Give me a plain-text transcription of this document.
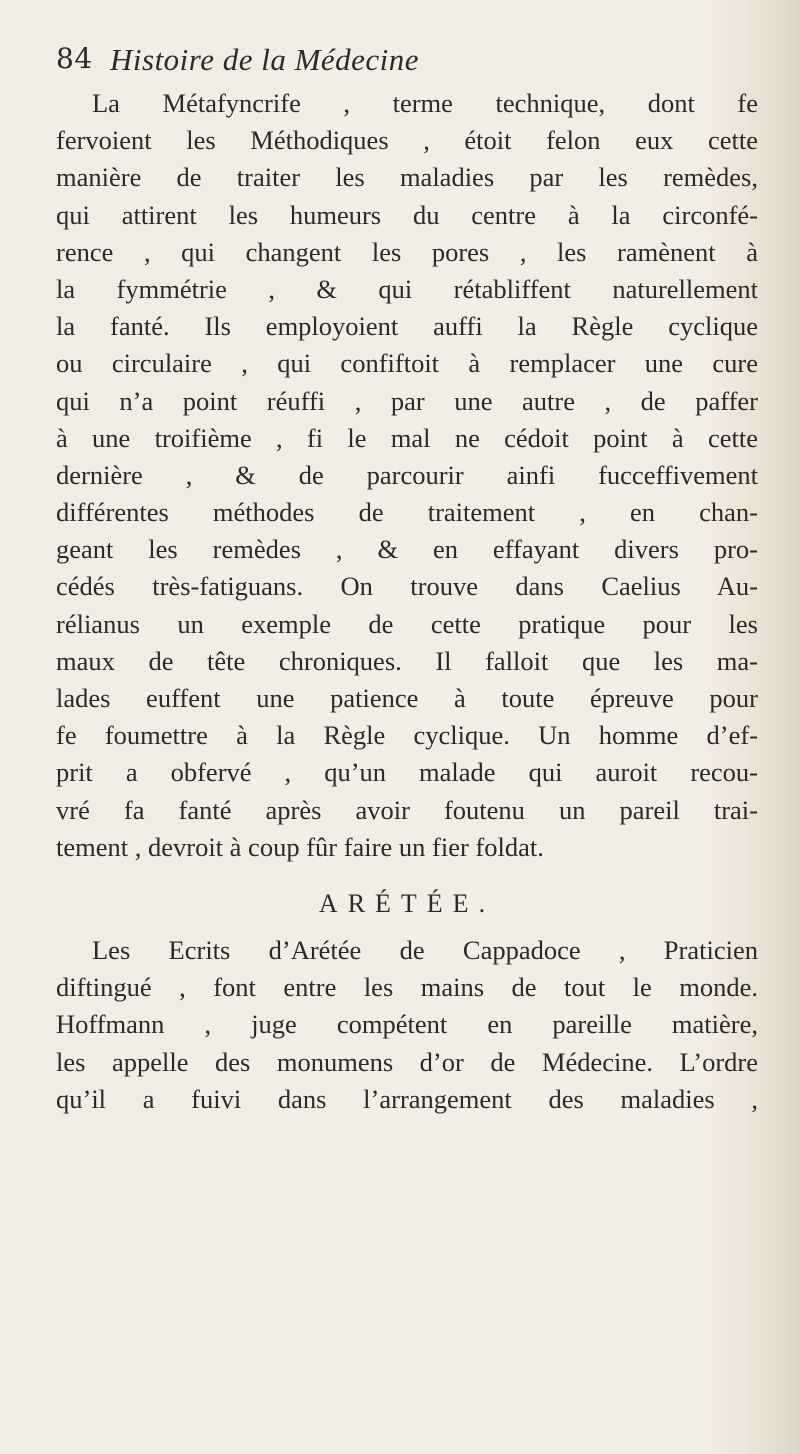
84 Histoire de la Médecine
La Métafyncrife , terme technique, dont fe
fervoient les Méthodiques , étoit felon eux cette
manière de traiter les maladies par les remèdes,
qui attirent les humeurs du centre à la circonfé-
rence , qui changent les pores , les ramènent à
la fymmétrie , & qui rétabliffent naturellement
la fanté. Ils employoient auffi la Règle cyclique
ou circulaire , qui confiftoit à remplacer une cure
qui n’a point réuffi , par une autre , de paffer
à une troifième , fi le mal ne cédoit point à cette
dernière , & de parcourir ainfi fucceffivement
différentes méthodes de traitement , en chan-
geant les remèdes , & en effayant divers pro-
cédés très-fatiguans. On trouve dans Caelius Au-
rélianus un exemple de cette pratique pour les
maux de tête chroniques. Il falloit que les ma-
lades euffent une patience à toute épreuve pour
fe foumettre à la Règle cyclique. Un homme d’ef-
prit a obfervé , qu’un malade qui auroit recou-
vré fa fanté après avoir foutenu un pareil trai-
tement , devroit à coup fûr faire un fier foldat.
ARÉTÉE.
Les Ecrits d’Arétée de Cappadoce , Praticien
diftingué , font entre les mains de tout le monde.
Hoffmann , juge compétent en pareille matière,
les appelle des monumens d’or de Médecine. L’ordre
qu’il a fuivi dans l’arrangement des maladies ,
